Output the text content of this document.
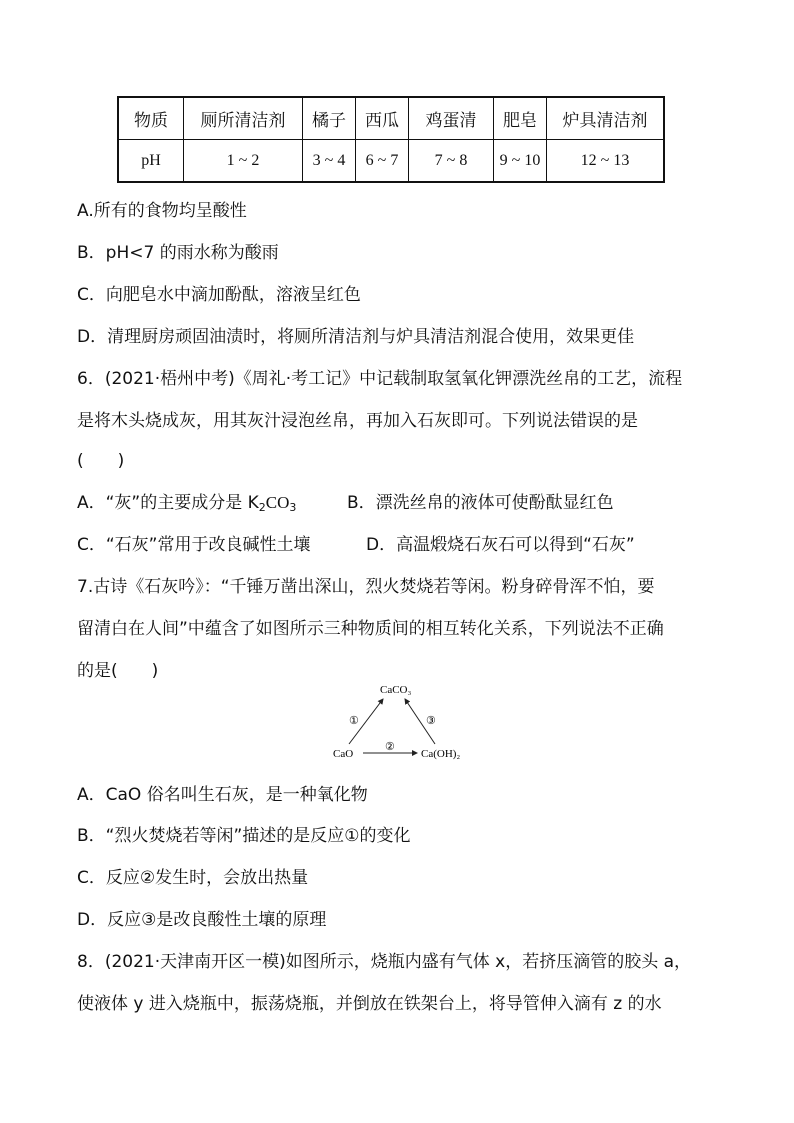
物质	厕所清洁剂	橘子	西瓜	鸡蛋清	肥皂	炉具清洁剂
pH	1 ~ 2	3 ~ 4	6 ~ 7	7 ~ 8	9 ~ 10	12 ~ 13
A.所有的食物均呈酸性
B．pH<7 的雨水称为酸雨
C．向肥皂水中滴加酚酞，溶液呈红色
D．清理厨房顽固油渍时，将厕所清洁剂与炉具清洁剂混合使用，效果更佳
6．(2021·梧州中考)《周礼·考工记》中记载制取氢氧化钾漂洗丝帛的工艺，流程
是将木头烧成灰，用其灰汁浸泡丝帛，再加入石灰即可。下列说法错误的是
(　　)
A．“灰”的主要成分是 $K_2CO_3$	B．漂洗丝帛的液体可使酚酞显红色
C．“石灰”常用于改良碱性土壤	D．高温煅烧石灰石可以得到“石灰”
7.古诗《石灰吟》：“千锤万凿出深山，烈火焚烧若等闲。粉身碎骨浑不怕，要
留清白在人间”中蕴含了如图所示三种物质间的相互转化关系，下列说法不正确
的是(　　)
CaCO₃
CaO	Ca(OH)₂
①
②
③
A．CaO 俗名叫生石灰，是一种氧化物
B．“烈火焚烧若等闲”描述的是反应①的变化
C．反应②发生时，会放出热量
D．反应③是改良酸性土壤的原理
8．(2021·天津南开区一模)如图所示，烧瓶内盛有气体 x，若挤压滴管的胶头 a，
使液体 y 进入烧瓶中，振荡烧瓶，并倒放在铁架台上，将导管伸入滴有 z 的水
